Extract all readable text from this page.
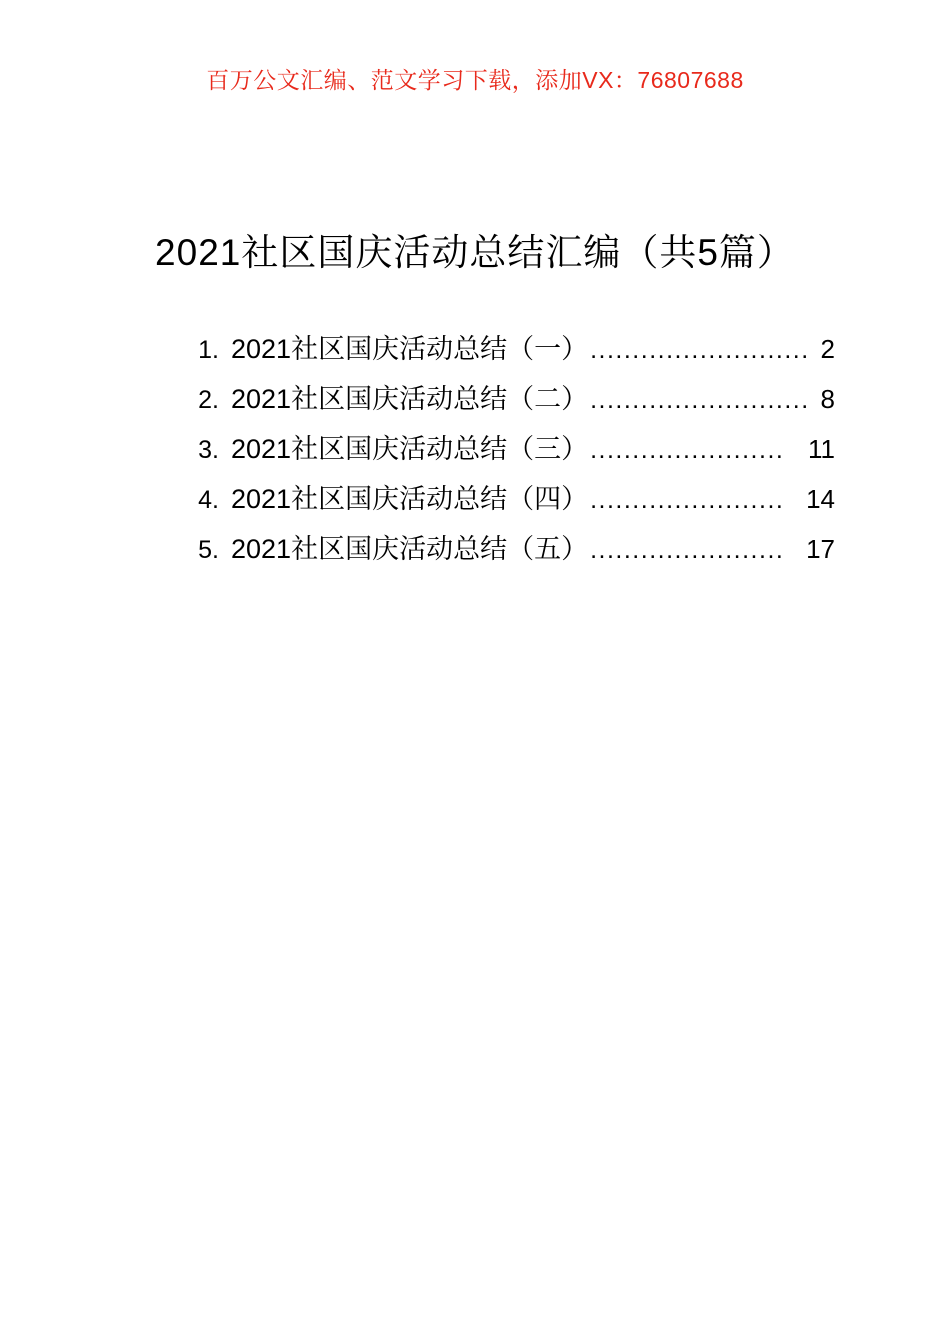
百万公文汇编、范文学习下载，添加VX：76807688
2021社区国庆活动总结汇编（共5篇）
1. 2021社区国庆活动总结（一） .......................... 2
2. 2021社区国庆活动总结（二） .......................... 8
3. 2021社区国庆活动总结（三） ....................... 11
4. 2021社区国庆活动总结（四） ....................... 14
5. 2021社区国庆活动总结（五） ....................... 17
